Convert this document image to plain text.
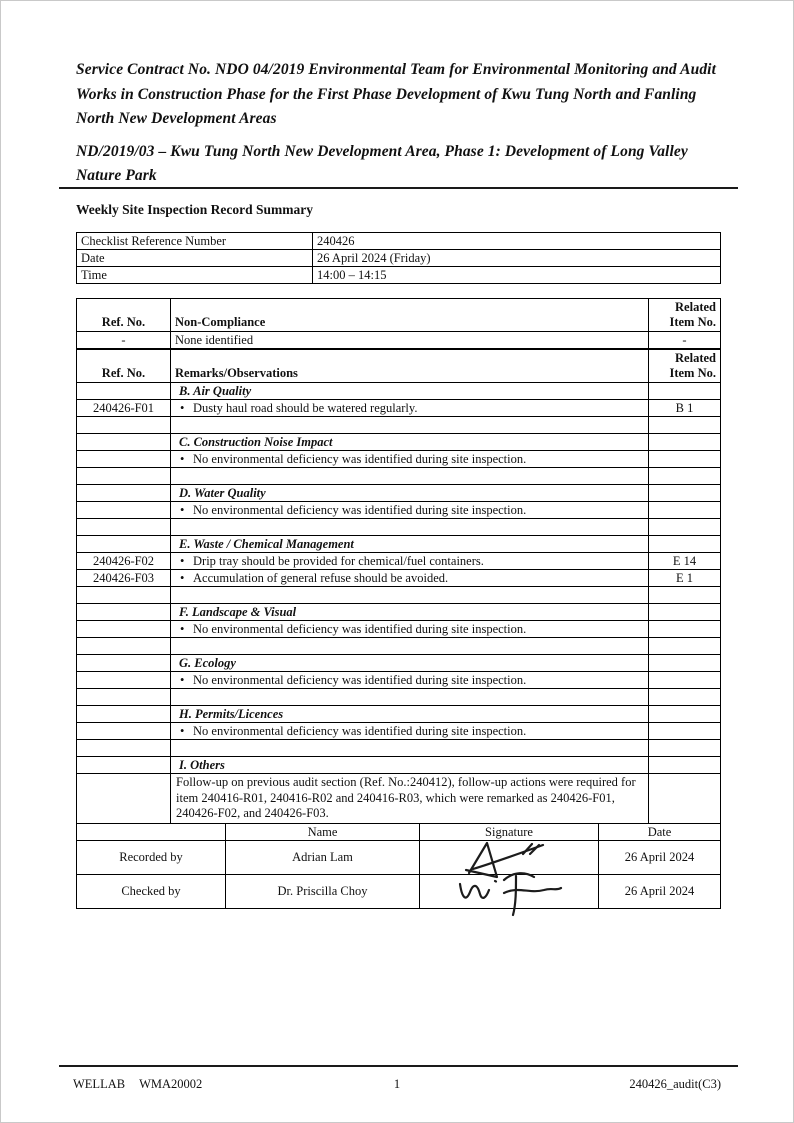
Service Contract No. NDO 04/2019 Environmental Team for Environmental Monitoring and Audit Works in Construction Phase for the First Phase Development of Kwu Tung North and Fanling North New Development Areas

ND/2019/03 – Kwu Tung North New Development Area, Phase 1: Development of Long Valley Nature Park

Weekly Site Inspection Record Summary
Checklist Reference Number	240426
Date	26 April 2024 (Friday)
Time	14:00 – 14:15
Ref. No.	Non-Compliance	Related
Item No.

-	None identified	-
Ref. No.	Remarks/Observations	Related
Item No.

	B. Air Quality	
240426-F01	• Dusty haul road should be watered regularly.	B 1

	C. Construction Noise Impact	
	• No environmental deficiency was identified during site inspection.	

	D. Water Quality	
	• No environmental deficiency was identified during site inspection.	

	E. Waste / Chemical Management	
240426-F02	• Drip tray should be provided for chemical/fuel containers.	E 14
240426-F03	• Accumulation of general refuse should be avoided.	E 1

	F. Landscape & Visual	
	• No environmental deficiency was identified during site inspection.	

	G. Ecology	
	• No environmental deficiency was identified during site inspection.	

	H. Permits/Licences	
	• No environmental deficiency was identified during site inspection.	

	I. Others	
	Follow-up on previous audit section (Ref. No.:240412), follow-up actions were required for item 240416-R01, 240416-R02 and 240416-R03, which were remarked as 240426-F01, 240426-F02, and 240426-F03.	
	Name	Signature	Date
Recorded by	Adrian Lam		26 April 2024
Checked by	Dr. Priscilla Choy		26 April 2024
WELLAB WMA20002	1	240426_audit(C3)
